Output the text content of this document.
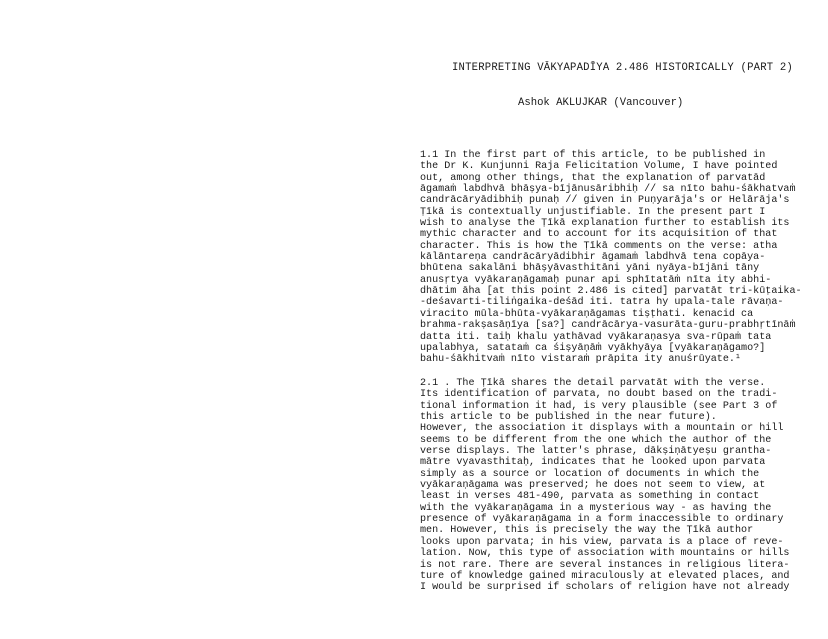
INTERPRETING VĀKYAPADĪYA 2.486 HISTORICALLY (PART 2)
Ashok AKLUJKAR (Vancouver)
1.1 In the first part of this article, to be published in
the Dr K. Kunjunni Raja Felicitation Volume, I have pointed
out, among other things, that the explanation of parvatād
āgamaṁ labdhvā bhāṣya-bījānusāribhiḥ // sa nīto bahu-śākhatvaṁ
candrācāryādibhiḥ punaḥ // given in Puṇyarāja's or Helārāja's
Ṭīkā is contextually unjustifiable. In the present part I
wish to analyse the Ṭīkā explanation further to establish its
mythic character and to account for its acquisition of that
character. This is how the Ṭīkā comments on the verse: atha
kālāntareṇa candrācāryādibhir āgamaṁ labdhvā tena copāya-
bhūtena sakalāni bhāṣyāvasthitāni yāni nyāya-bījāni tāny
anusṛtya vyākaraṇāgamaḥ punar api sphītatāṁ nīta ity abhi-
dhātim āha [at this point 2.486 is cited] parvatāt tri-kūṭaika-
-deśavarti-tiliṅgaika-deśād iti. tatra hy upala-tale rāvaṇa-
viracito mūla-bhūta-vyākaraṇāgamas tiṣṭhati. kenacid ca
brahma-rakṣasāṇīya [sa?] candrācārya-vasurāta-guru-prabhṛtīnāṁ
datta iti. taiḥ khalu yathāvad vyākaraṇasya sva-rūpaṁ tata
upalabhya, satataṁ ca śiṣyāṇāṁ vyākhyāya [vyākaraṇāgamo?]
bahu-śākhitvaṁ nīto vistaraṁ prāpita ity anuśrūyate.¹
2.1 . The Ṭīkā shares the detail parvatāt with the verse.
Its identification of parvata, no doubt based on the tradi-
tional information it had, is very plausible (see Part 3 of
this article to be published in the near future).
However, the association it displays with a mountain or hill
seems to be different from the one which the author of the
verse displays. The latter's phrase, dākṣiṇātyeṣu grantha-
mātre vyavasthitaḥ, indicates that he looked upon parvata
simply as a source or location of documents in which the
vyākaraṇāgama was preserved; he does not seem to view, at
least in verses 481-490, parvata as something in contact
with the vyākaraṇāgama in a mysterious way - as having the
presence of vyākaraṇāgama in a form inaccessible to ordinary
men. However, this is precisely the way the Ṭīkā author
looks upon parvata; in his view, parvata is a place of reve-
lation. Now, this type of association with mountains or hills
is not rare. There are several instances in religious litera-
ture of knowledge gained miraculously at elevated places, and
I would be surprised if scholars of religion have not already
